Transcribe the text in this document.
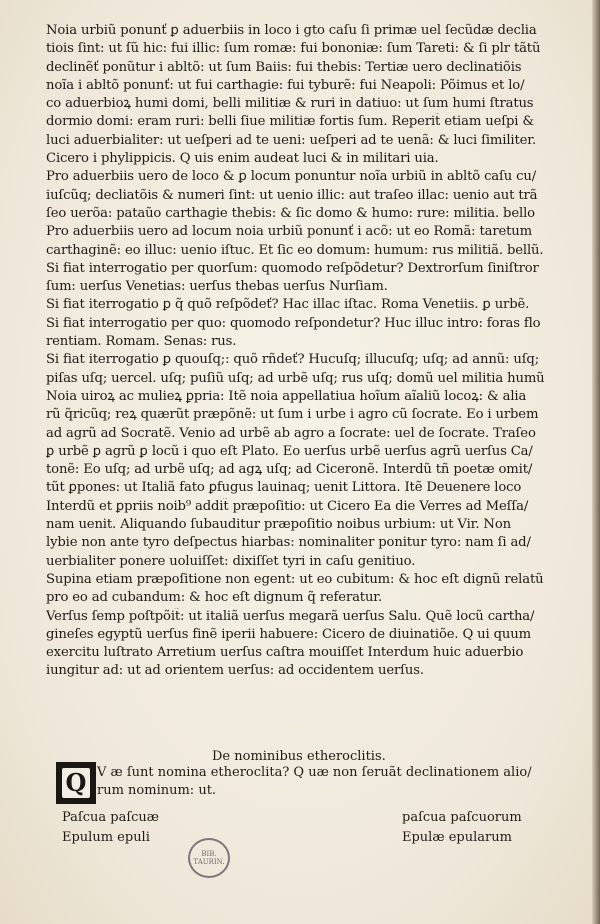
Noia urbiũ ponunť ꝑ aduerbiis in loco i gto caſu ſi primæ uel ſecũdæ declia
tiois ſint: ut ſũ hic: fui illic: ſum romæ: fui bononiæ: ſum Tareti: & ſi plr tãtũ
declinẽť ponũtur i abltõ: ut ſum Baiis: fui thebis: Tertiæ uero declinatiõis
noĩa i abltõ ponunť: ut fui carthagie: fui tyburẽ: fui Neapoli: Põimus et lo/
co aduerbioꝝ humi domi, belli militiæ & ruri in datiuo: ut ſum humi ſtratus
dormio domi: eram ruri: belli ſiue militiæ fortis ſum. Reperit̃ etiam ueſpi &
luci aduerbialiter: ut ueſperi ad te ueni: ueſperi ad te uenã: & luci ſimiliter.
Cicero i phylippicis. Q uis enim audeat luci & in militari uia.
Pro aduerbiis uero de loco & ꝑ locum ponuntur noĩa urbiũ in abltõ caſu cu/
iuſcũq; decliatõis & numeri ſint: ut uenio illic: aut traſeo illac: uenio aut trã
ſeo uerõa: pataũo carthagie thebis: & ſic domo & humo: rure: militia. bello
Pro aduerbiis uero ad locum noia urbiũ ponunť i acõ: ut eo Romã: taretum
carthaginẽ: eo illuc: uenio iſtuc. Et ſic eo domum: humum: rus militiã. bellũ.
Si fiat interrogatio per quorſum: quomodo reſpõdetur? Dextrorſum ſiniſtror
ſum: uerſus Venetias: uerſus thebas uerſus Nurſiam.
Si fiat iterrogatio ꝑ q̃ quõ reſpõdeť? Hac illac iſtac. Roma Venetiis. ꝑ urbẽ.
Si fiat interrogatio per quo: quomodo reſpondetur? Huc illuc intro: foras flo
rentiam. Romam. Senas: rus.
Si fiat iterrogatio ꝑ quouſq;: quõ rñdeť? Hucuſq; illucuſq; uſq; ad annũ: uſq;
piſas uſq; uercel. uſq; puſiũ uſq; ad urbẽ uſq; rus uſq; domũ uel militia humũ
Noia uiroꝝ ac mulieꝝ ꝑpria: Itẽ noia appellatiua hoĩum aĩaliũ locoꝝ: & alia
rũ q̃ricũq; reꝝ quærũt præpõnẽ: ut ſum i urbe i agro cũ ſocrate. Eo i urbem
ad agrũ ad Socratẽ. Venio ad urbẽ ab agro a ſocrate: uel de ſocrate. Traſeo
ꝑ urbẽ ꝑ agrũ ꝑ locũ i quo eſt Plato. Eo uerſus urbẽ uerſus agrũ uerſus Ca/
tonẽ: Eo uſq; ad urbẽ uſq; ad agꝝ uſq; ad Ciceronẽ. Interdũ tñ poetæ omit/
tũt ꝑpones: ut Italiã fato ꝑfugus lauinaq; uenit Littora. Itẽ Deuenere loco
Interdũ et ꝑpriis noib⁹ addit̃ præpoſitio: ut Cicero Ea die Verres ad Meſſa/
nam uenit. Aliquando ſubauditur præpoſitio noibus urbium: ut Vir. Non
lybie non ante tyro deſpectus hiarbas: nominaliter ponitur tyro: nam ſi ad/
uerbialiter ponere uoluiſſet: dixiſſet tyri in caſu genitiuo.
Supina etiam præpoſitione non egent: ut eo cubitum: & hoc eſt dignũ relatũ
pro eo ad cubandum: & hoc eſt dignum q̃ referatur.
Verſus ſemp poſtpõit̃: ut italiã uerſus megarã uerſus Salu. Quẽ locũ cartha/
gineſes egyptũ uerſus finẽ iperii habuere: Cicero de diuinatiõe. Q ui quum
exercitu luſtrato Arretium uerſus caſtra mouiſſet Interdum huic aduerbio
iungitur ad: ut ad orientem uerſus: ad occidentem uerſus.
De nominibus etheroclitis.
Q V æ ſunt nomina etheroclita? Q uæ non ſeruãt declinationem alio/
rum nominum: ut.
Paſcua paſcuæ
Epulum epuli
paſcua paſcuorum
Epulæ epularum
BIB. TAURIN.
